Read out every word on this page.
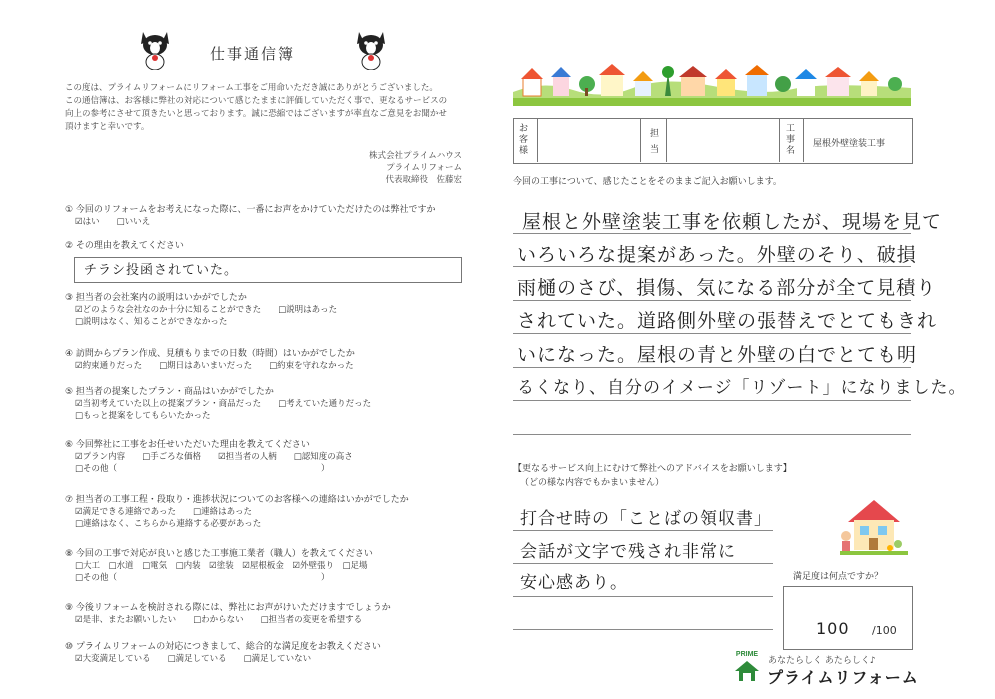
仕事通信簿
この度は、プライムリフォームにリフォーム工事をご用命いただき誠にありがとうございました。
この通信簿は、お客様に弊社の対応について感じたままに評価していただく事で、更なるサービスの
向上の参考にさせて頂きたいと思っております。誠に恐縮ではございますが率直なご意見をお聞かせ
頂けますと幸いです。
株式会社プライムハウス
プライムリフォーム
代表取締役　佐藤宏
① 今回のリフォームをお考えになった際に、一番にお声をかけていただけたのは弊社ですか
☑はい　　□いいえ
② その理由を教えてください
チラシ投函されていた。
③ 担当者の会社案内の説明はいかがでしたか
☑どのような会社なのか十分に知ることができた　　□説明はあった
□説明はなく、知ることができなかった
④ 訪問からプラン作成、見積もりまでの日数（時間）はいかがでしたか
☑約束通りだった　　□期日はあいまいだった　　□約束を守れなかった
⑤ 担当者の提案したプラン・商品はいかがでしたか
☑当初考えていた以上の提案プラン・商品だった　　□考えていた通りだった
□もっと提案をしてもらいたかった
⑥ 今回弊社に工事をお任せいただいた理由を教えてください
☑プラン内容　　□手ごろな価格　　☑担当者の人柄　　□認知度の高さ
□その他（　　　　　　　　　　　　　　　　　　　　　　　　）
⑦ 担当者の工事工程・段取り・進捗状況についてのお客様への連絡はいかがでしたか
☑満足できる連絡であった　　□連絡はあった
□連絡はなく、こちらから連絡する必要があった
⑧ 今回の工事で対応が良いと感じた工事施工業者（職人）を教えてください
□大工　□水道　□電気　□内装　☑塗装　☑屋根板金　☑外壁張り　□足場
□その他（　　　　　　　　　　　　　　　　　　　　　　　　）
⑨ 今後リフォームを検討される際には、弊社にお声がけいただけますでしょうか
☑是非、またお願いしたい　　□わからない　　□担当者の変更を希望する
⑩ プライムリフォームの対応につきまして、総合的な満足度をお教えください
☑大変満足している　　□満足している　　□満足していない
お客様
担当
工事名
屋根外壁塗装工事
今回の工事について、感じたことをそのままご記入お願いします。
屋根と外壁塗装工事を依頼したが、現場を見て
いろいろな提案があった。外壁のそり、破損
雨樋のさび、損傷、気になる部分が全て見積り
されていた。道路側外壁の張替えでとてもきれ
いになった。屋根の青と外壁の白でとても明
るくなり、自分のイメージ「リゾート」になりました。
【更なるサービス向上にむけて弊社へのアドバイスをお願いします】
（どの様な内容でもかまいません）
打合せ時の「ことばの領収書」
会話が文字で残され非常に
安心感あり。	満足度は何点ですか？
100 /100
PRIME
あなたらしく あたらしく♪
プライムリフォーム
